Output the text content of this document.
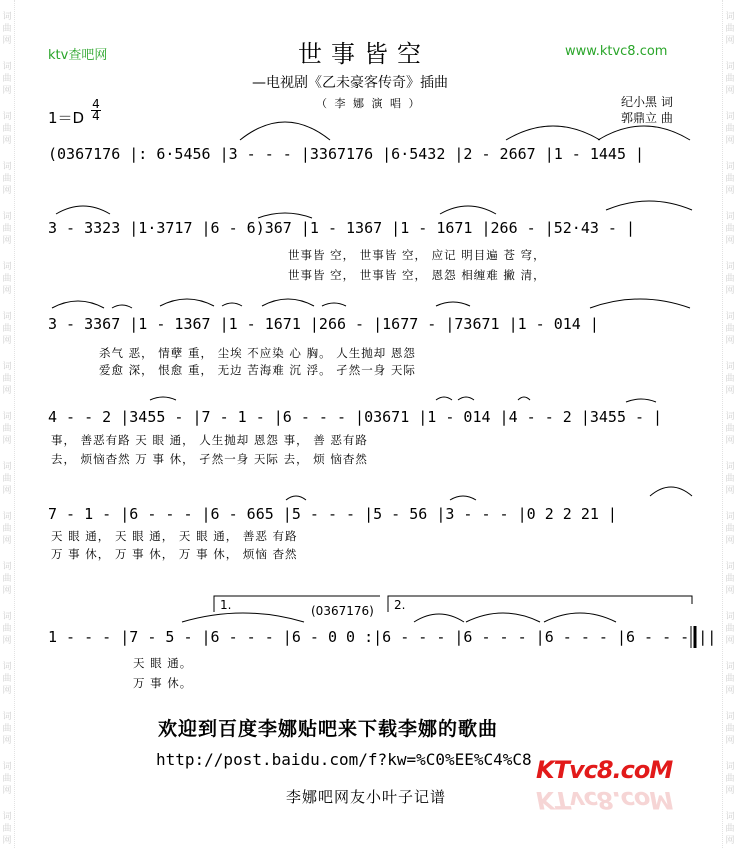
词
曲
网
词
曲
网
词
曲
网
词
曲
网
词
曲
网
词
曲
网
词
曲
网
词
曲
网
词
曲
网
词
曲
网
词
曲
网
词
曲
网
词
曲
网
词
曲
网
词
曲
网
词
曲
网
词
曲
网
词
曲
网
词
曲
网
词
曲
网
词
曲
网
词
曲
网
词
曲
网
词
曲
网
词
曲
网
词
曲
网
词
曲
网
词
曲
网
词
曲
网
词
曲
网
词
曲
网
词
曲
网
词
曲
网
词
曲
网
ktv查吧网	www.ktvc8.com
世事皆空
—电视剧《乙未豪客传奇》插曲
（ 李 娜 演 唱 ）
$1=D \frac{4}{4}$	纪小黑 词
郭鼎立 曲
(0367176 |: 6·5456 |3 - - - |3367176 |6·5432 |2 - 2667 |1 - 1445 |
3 - 3323 |1·3717 |6 - 6)367 |1 - 1367 |1 - 1671 |266 - |52·43 - |
世事皆 空， 世事皆 空， 应记 明目遍 苍 穹，
世事皆 空， 世事皆 空， 恩怨 相缠难 撇 清，
3 - 3367 |1 - 1367 |1 - 1671 |266 - |1677 - |73671 |1 - 014 |
杀气 恶， 情孽 重， 尘埃 不应染 心 胸。 人生抛却 恩怨
爱愈 深， 恨愈 重， 无边 苦海难 沉 浮。 孑然一身 天际
4 - - 2 |3455 - |7 - 1 - |6 - - - |03671 |1 - 014 |4 - - 2 |3455 - |
事， 善恶有路 天 眼 通， 人生抛却 恩怨 事， 善 恶有路
去， 烦恼杳然 万 事 休， 孑然一身 天际 去， 烦 恼杳然
7 - 1 - |6 - - - |6 - 665 |5 - - - |5 - 56 |3 - - - |0 2 2 21 |
天 眼 通， 天 眼 通， 天 眼 通， 善恶 有路
万 事 休， 万 事 休， 万 事 休， 烦恼 杳然
1 - - - |7 - 5 - |6 - - - |6 - 0 0 :|6 - - - |6 - - - |6 - - - |6 - - - ||
天 眼 通。
万 事 休。
1.	(0367176) 2.
欢迎到百度李娜贴吧来下载李娜的歌曲
http://post.baidu.com/f?kw=%C0%EE%C4%C8
李娜吧网友小叶子记谱
KTvc8.coM
KTvc8.coM
